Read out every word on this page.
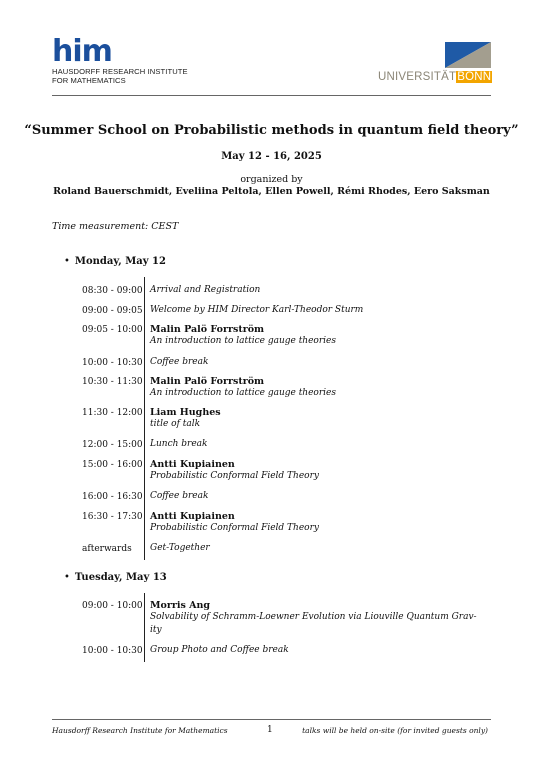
him
HAUSDORFF RESEARCH INSTITUTE
FOR MATHEMATICS	UNIVERSITÄTBONN
“Summer School on Probabilistic methods in quantum field theory”
May 12 - 16, 2025
organized by
Roland Bauerschmidt, Eveliina Peltola, Ellen Powell, Rémi Rhodes, Eero Saksman
Time measurement: CEST
• Monday, May 12
08:30 - 09:00 Arrival and Registration
09:00 - 09:05 Welcome by HIM Director Karl-Theodor Sturm
09:05 - 10:00 Malin Palö Forrström
An introduction to lattice gauge theories
10:00 - 10:30 Coffee break
10:30 - 11:30 Malin Palö Forrström
An introduction to lattice gauge theories
11:30 - 12:00 Liam Hughes
title of talk
12:00 - 15:00 Lunch break
15:00 - 16:00 Antti Kupiainen
Probabilistic Conformal Field Theory
16:00 - 16:30 Coffee break
16:30 - 17:30 Antti Kupiainen
Probabilistic Conformal Field Theory
afterwards Get-Together
• Tuesday, May 13
09:00 - 10:00 Morris Ang
Solvability of Schramm-Loewner Evolution via Liouville Quantum Grav-
ity
10:00 - 10:30 Group Photo and Coffee break
Hausdorff Research Institute for Mathematics	1	talks will be held on-site (for invited guests only)
